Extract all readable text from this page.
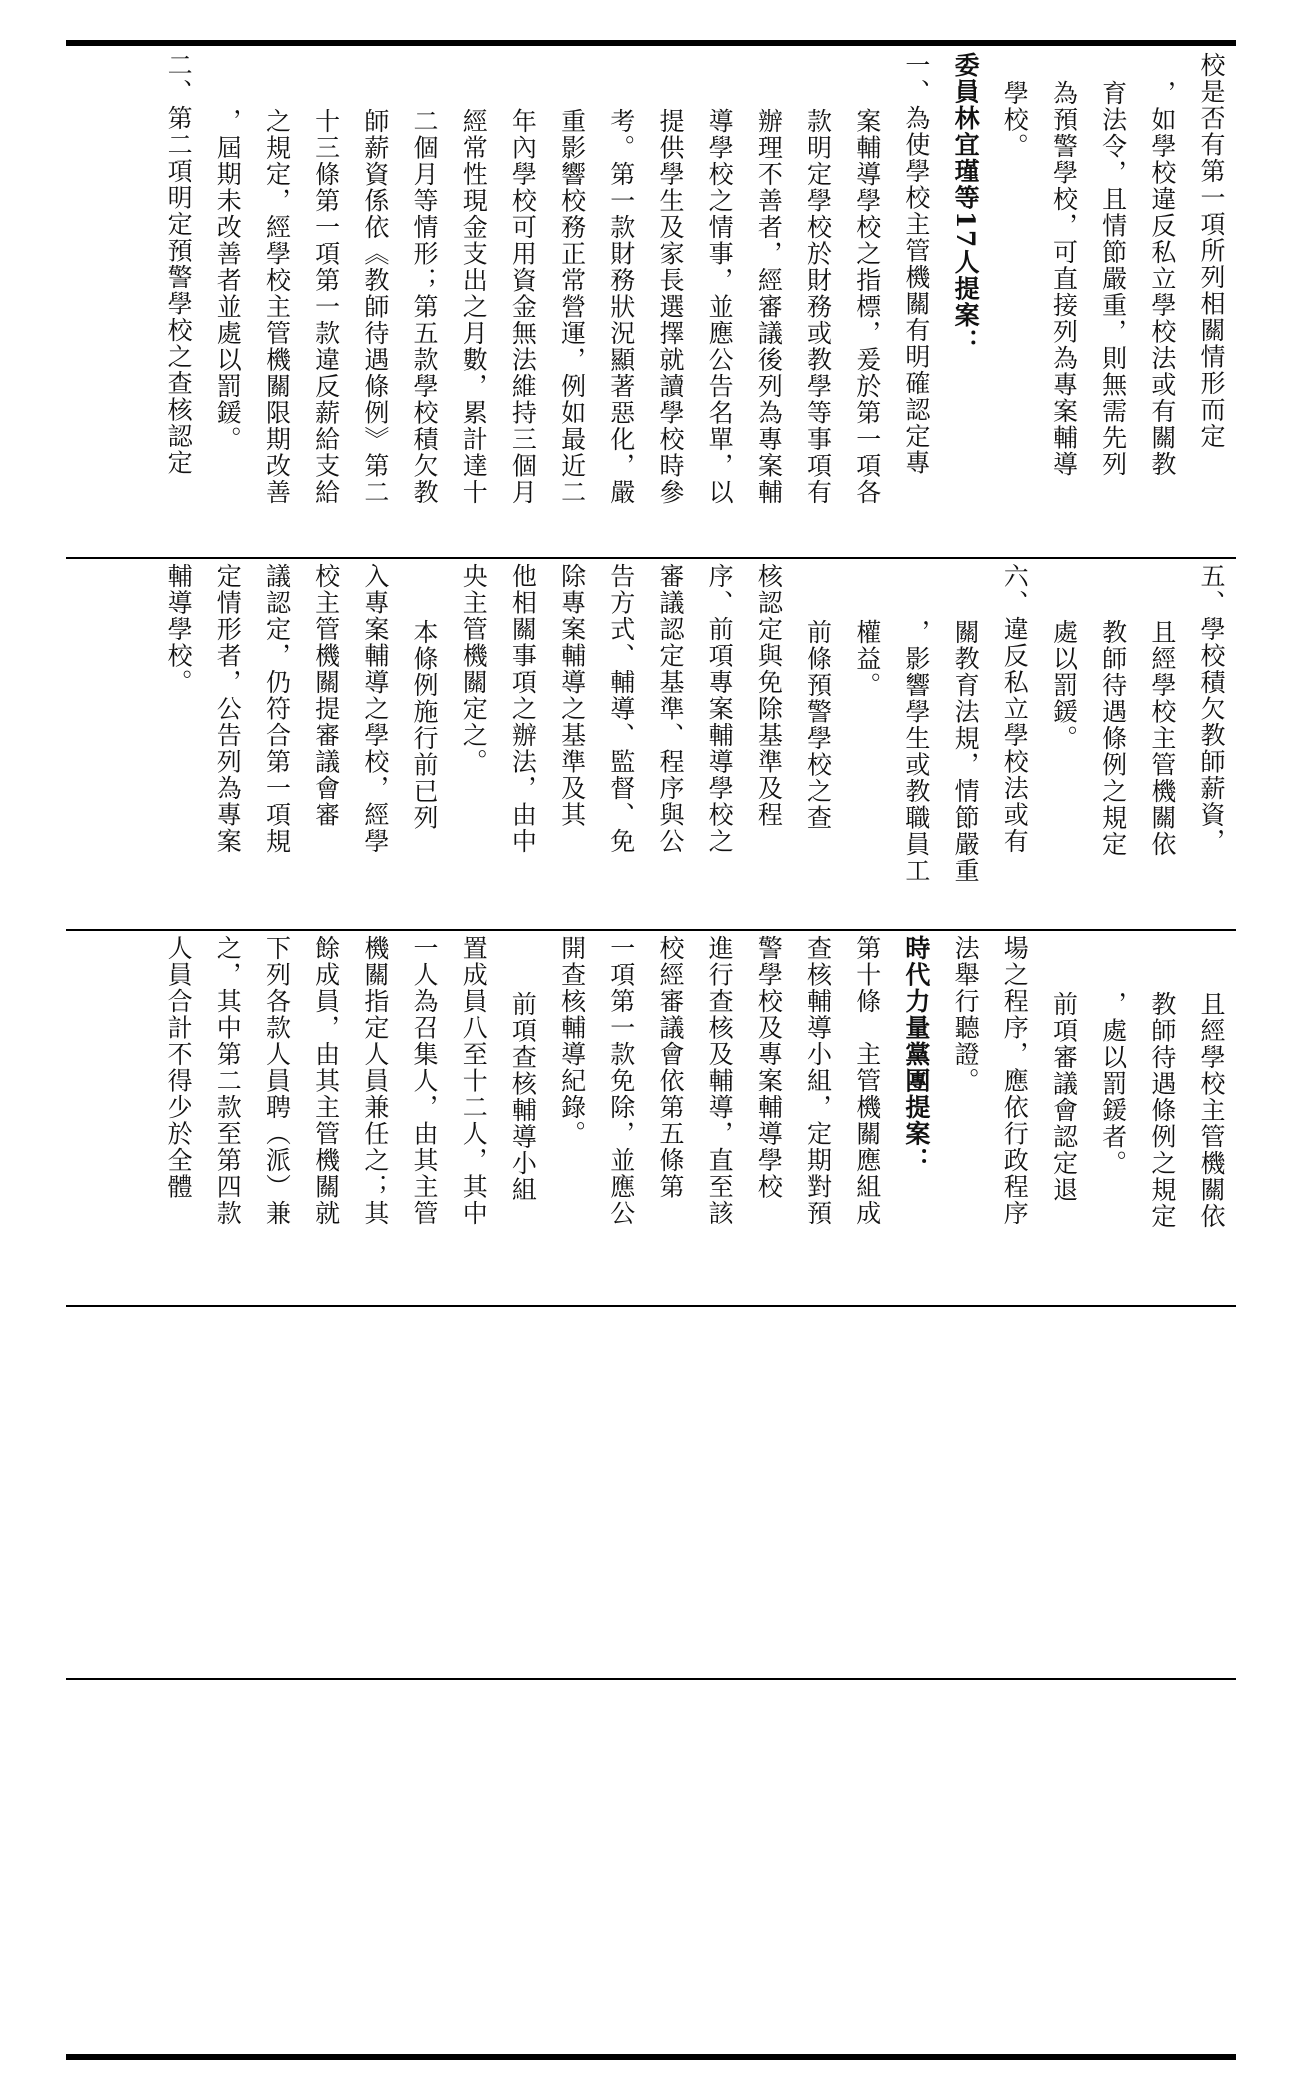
校是否有第一項所列相關情形而定
，如學校違反私立學校法或有關教
育法令，且情節嚴重，則無需先列
為預警學校，可直接列為專案輔導
學校。
委員林宜瑾等17人提案：
一、為使學校主管機關有明確認定專
案輔導學校之指標，爰於第一項各
款明定學校於財務或教學等事項有
辦理不善者，經審議後列為專案輔
導學校之情事，並應公告名單，以
提供學生及家長選擇就讀學校時參
考。第一款財務狀況顯著惡化，嚴
重影響校務正常營運，例如最近二
年內學校可用資金無法維持三個月
經常性現金支出之月數，累計達十
二個月等情形；第五款學校積欠教
師薪資係依《教師待遇條例》第二
十三條第一項第一款違反薪給支給
之規定，經學校主管機關限期改善
，屆期未改善者並處以罰鍰。
二、第二項明定預警學校之查核認定
五、學校積欠教師薪資，
且經學校主管機關依
教師待遇條例之規定
處以罰鍰。
六、違反私立學校法或有
關教育法規，情節嚴重
，影響學生或教職員工
權益。
前條預警學校之查
核認定與免除基準及程
序、前項專案輔導學校之
審議認定基準、程序與公
告方式、輔導、監督、免
除專案輔導之基準及其
他相關事項之辦法，由中
央主管機關定之。
本條例施行前已列
入專案輔導之學校，經學
校主管機關提審議會審
議認定，仍符合第一項規
定情形者，公告列為專案
輔導學校。
且經學校主管機關依
教師待遇條例之規定
，處以罰鍰者。
前項審議會認定退
場之程序，應依行政程序
法舉行聽證。
時代力量黨團提案：
第十條　主管機關應組成
查核輔導小組，定期對預
警學校及專案輔導學校
進行查核及輔導，直至該
校經審議會依第五條第
一項第一款免除，並應公
開查核輔導紀錄。
前項查核輔導小組
置成員八至十二人，其中
一人為召集人，由其主管
機關指定人員兼任之；其
餘成員，由其主管機關就
下列各款人員聘（派）兼
之，其中第二款至第四款
人員合計不得少於全體
